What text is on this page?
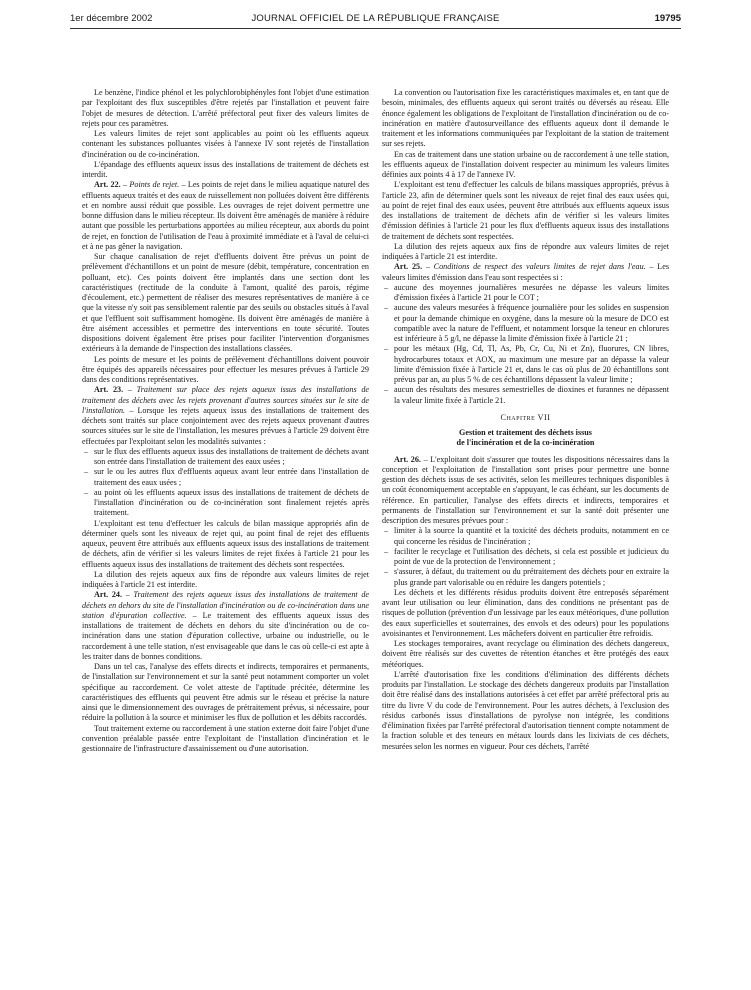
1er décembre 2002	JOURNAL OFFICIEL DE LA RÉPUBLIQUE FRANÇAISE	19795

Le benzène, l'indice phénol et les polychlorobiphényles font l'objet d'une estimation par l'exploitant des flux susceptibles d'être rejetés par l'installation et peuvent faire l'objet de mesures de détection. L'arrêté préfectoral peut fixer des valeurs limites de rejets pour ces paramètres.

Les valeurs limites de rejet sont applicables au point où les effluents aqueux contenant les substances polluantes visées à l'annexe IV sont rejetés de l'installation d'incinération ou de co-incinération.

L'épandage des effluents aqueux issus des installations de traitement de déchets est interdit.

Art. 22. – Points de rejet. – Les points de rejet dans le milieu aquatique naturel des effluents aqueux traités et des eaux de ruissellement non polluées doivent être différents et en nombre aussi réduit que possible. Les ouvrages de rejet doivent permettre une bonne diffusion dans le milieu récepteur. Ils doivent être aménagés de manière à réduire autant que possible les perturbations apportées au milieu récepteur, aux abords du point de rejet, en fonction de l'utilisation de l'eau à proximité immédiate et à l'aval de celui-ci et à ne pas gêner la navigation.

Sur chaque canalisation de rejet d'effluents doivent être prévus un point de prélèvement d'échantillons et un point de mesure (débit, température, concentration en polluant, etc). Ces points doivent être implantés dans une section dont les caractéristiques (rectitude de la conduite à l'amont, qualité des parois, régime d'écoulement, etc.) permettent de réaliser des mesures représentatives de manière à ce que la vitesse n'y soit pas sensiblement ralentie par des seuils ou obstacles situés à l'aval et que l'effluent soit suffisamment homogène. Ils doivent être aménagés de manière à être aisément accessibles et permettre des interventions en toute sécurité. Toutes dispositions doivent également être prises pour faciliter l'intervention d'organismes extérieurs à la demande de l'inspection des installations classées.

Les points de mesure et les points de prélèvement d'échantillons doivent pouvoir être équipés des appareils nécessaires pour effectuer les mesures prévues à l'article 29 dans des conditions représentatives.

Art. 23. – Traitement sur place des rejets aqueux issus des installations de traitement des déchets avec les rejets provenant d'autres sources situées sur le site de l'installation. – Lorsque les rejets aqueux issus des installations de traitement des déchets sont traités sur place conjointement avec des rejets aqueux provenant d'autres sources situées sur le site de l'installation, les mesures prévues à l'article 29 doivent être effectuées par l'exploitant selon les modalités suivantes :

– sur le flux des effluents aqueux issus des installations de traitement de déchets avant son entrée dans l'installation de traitement des eaux usées ;
– sur le ou les autres flux d'effluents aqueux avant leur entrée dans l'installation de traitement des eaux usées ;
– au point où les effluents aqueux issus des installations de traitement de déchets de l'installation d'incinération ou de co-incinération sont finalement rejetés après traitement.

L'exploitant est tenu d'effectuer les calculs de bilan massique appropriés afin de déterminer quels sont les niveaux de rejet qui, au point final de rejet des effluents aqueux, peuvent être attribués aux effluents aqueux issus des installations de traitement de déchets, afin de vérifier si les valeurs limites de rejet fixées à l'article 21 pour les effluents aqueux issus des installations de traitement des déchets sont respectées.

La dilution des rejets aqueux aux fins de répondre aux valeurs limites de rejet indiquées à l'article 21 est interdite.

Art. 24. – Traitement des rejets aqueux issus des installations de traitement de déchets en dehors du site de l'installation d'incinération ou de co-incinération dans une station d'épuration collective. – Le traitement des effluents aqueux issus des installations de traitement de déchets en dehors du site d'incinération ou de co-incinération dans une station d'épuration collective, urbaine ou industrielle, ou le raccordement à une telle station, n'est envisageable que dans le cas où celle-ci est apte à les traiter dans de bonnes conditions.

Dans un tel cas, l'analyse des effets directs et indirects, temporaires et permanents, de l'installation sur l'environnement et sur la santé peut notamment comporter un volet spécifique au raccordement. Ce volet atteste de l'aptitude précitée, détermine les caractéristiques des effluents qui peuvent être admis sur le réseau et précise la nature ainsi que le dimensionnement des ouvrages de prétraitement prévus, si nécessaire, pour réduire la pollution à la source et minimiser les flux de pollution et les débits raccordés.

Tout traitement externe ou raccordement à une station externe doit faire l'objet d'une convention préalable passée entre l'exploitant de l'installation d'incinération et le gestionnaire de l'infrastructure d'assainissement ou d'une autorisation.

La convention ou l'autorisation fixe les caractéristiques maximales et, en tant que de besoin, minimales, des effluents aqueux qui seront traités ou déversés au réseau. Elle énonce également les obligations de l'exploitant de l'installation d'incinération ou de co-incinération en matière d'autosurveillance des effluents aqueux dont il demande le traitement et les informations communiquées par l'exploitant de la station de traitement sur ses rejets.

En cas de traitement dans une station urbaine ou de raccordement à une telle station, les effluents aqueux de l'installation doivent respecter au minimum les valeurs limites définies aux points 4 à 17 de l'annexe IV.

L'exploitant est tenu d'effectuer les calculs de bilans massiques appropriés, prévus à l'article 23, afin de déterminer quels sont les niveaux de rejet final des eaux usées qui, au point de rejet final des eaux usées, peuvent être attribués aux effluents aqueux issus des installations de traitement de déchets afin de vérifier si les valeurs limites d'émission définies à l'article 21 pour les flux d'effluents aqueux issus des installations de traitement de déchets sont respectées.

La dilution des rejets aqueux aux fins de répondre aux valeurs limites de rejet indiquées à l'article 21 est interdite.

Art. 25. – Conditions de respect des valeurs limites de rejet dans l'eau. – Les valeurs limites d'émission dans l'eau sont respectées si :

– aucune des moyennes journalières mesurées ne dépasse les valeurs limites d'émission fixées à l'article 21 pour le COT ;
– aucune des valeurs mesurées à fréquence journalière pour les solides en suspension et pour la demande chimique en oxygène, dans la mesure où la mesure de DCO est compatible avec la nature de l'effluent, et notamment lorsque la teneur en chlorures est inférieure à 5 g/l, ne dépasse la limite d'émission fixée à l'article 21 ;
– pour les métaux (Hg, Cd, Tl, As, Pb, Cr, Cu, Ni et Zn), fluorures, CN libres, hydrocarbures totaux et AOX, au maximum une mesure par an dépasse la valeur limite d'émission fixée à l'article 21 et, dans le cas où plus de 20 échantillons sont prévus par an, au plus 5 % de ces échantillons dépassent la valeur limite ;
– aucun des résultats des mesures semestrielles de dioxines et furannes ne dépassent la valeur limite fixée à l'article 21.

Chapitre VII

Gestion et traitement des déchets issus
de l'incinération et de la co-incinération

Art. 26. – L'exploitant doit s'assurer que toutes les dispositions nécessaires dans la conception et l'exploitation de l'installation sont prises pour permettre une bonne gestion des déchets issus de ses activités, selon les meilleures techniques disponibles à un coût économiquement acceptable en s'appuyant, le cas échéant, sur les documents de référence. En particulier, l'analyse des effets directs et indirects, temporaires et permanents de l'installation sur l'environnement et sur la santé doit présenter une description des mesures prévues pour :

– limiter à la source la quantité et la toxicité des déchets produits, notamment en ce qui concerne les résidus de l'incinération ;
– faciliter le recyclage et l'utilisation des déchets, si cela est possible et judicieux du point de vue de la protection de l'environnement ;
– s'assurer, à défaut, du traitement ou du prétraitement des déchets pour en extraire la plus grande part valorisable ou en réduire les dangers potentiels ;

Les déchets et les différents résidus produits doivent être entreposés séparément avant leur utilisation ou leur élimination, dans des conditions ne présentant pas de risques de pollution (prévention d'un lessivage par les eaux météoriques, d'une pollution des eaux superficielles et souterraines, des envols et des odeurs) pour les populations avoisinantes et l'environnement. Les mâchefers doivent en particulier être refroidis.

Les stockages temporaires, avant recyclage ou élimination des déchets dangereux, doivent être réalisés sur des cuvettes de rétention étanches et être protégés des eaux météoriques.

L'arrêté d'autorisation fixe les conditions d'élimination des différents déchets produits par l'installation. Le stockage des déchets dangereux produits par l'installation doit être réalisé dans des installations autorisées à cet effet par arrêté préfectoral pris au titre du livre V du code de l'environnement. Pour les autres déchets, à l'exclusion des résidus carbonés issus d'installations de pyrolyse non intégrée, les conditions d'élimination fixées par l'arrêté préfectoral d'autorisation tiennent compte notamment de la fraction soluble et des teneurs en métaux lourds dans les lixiviats de ces déchets, mesurées selon les normes en vigueur. Pour ces déchets, l'arrêté
